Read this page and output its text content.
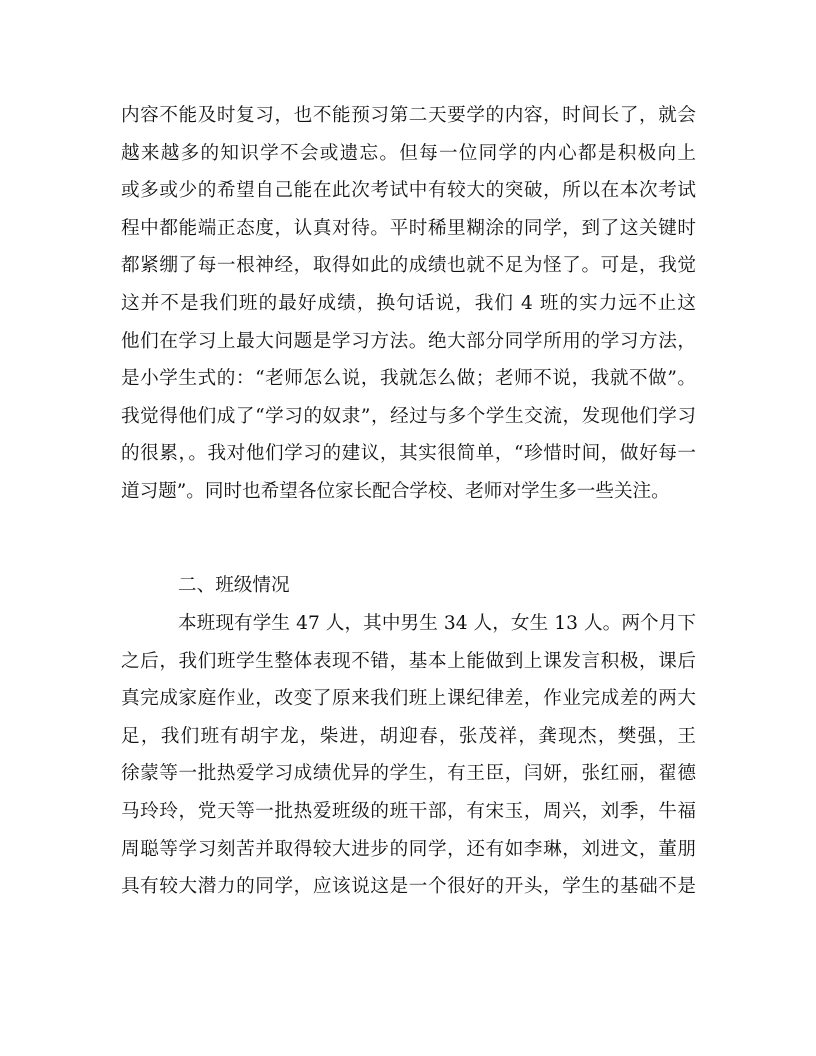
内容不能及时复习，也不能预习第二天要学的内容，时间长了，就会
越来越多的知识学不会或遗忘。但每一位同学的内心都是积极向上
或多或少的希望自己能在此次考试中有较大的突破，所以在本次考试
程中都能端正态度，认真对待。平时稀里糊涂的同学，到了这关键时
都紧绷了每一根神经，取得如此的成绩也就不足为怪了。可是，我觉
这并不是我们班的最好成绩，换句话说，我们 4 班的实力远不止这
他们在学习上最大问题是学习方法。绝大部分同学所用的学习方法，
是小学生式的：“老师怎么说，我就怎么做；老师不说，我就不做”。
我觉得他们成了“学习的奴隶”，经过与多个学生交流，发现他们学习
的很累，。我对他们学习的建议，其实很简单，“珍惜时间，做好每一
道习题”。同时也希望各位家长配合学校、老师对学生多一些关注。
二、班级情况
本班现有学生 47 人，其中男生 34 人，女生 13 人。两个月下
之后，我们班学生整体表现不错，基本上能做到上课发言积极，课后
真完成家庭作业，改变了原来我们班上课纪律差，作业完成差的两大
足，我们班有胡宇龙，柴进，胡迎春，张茂祥，龚现杰，樊强，王
徐蒙等一批热爱学习成绩优异的学生，有王臣，闫妍，张红丽，翟德
马玲玲，党天等一批热爱班级的班干部，有宋玉，周兴，刘季，牛福
周聪等学习刻苦并取得较大进步的同学，还有如李琳，刘进文，董朋
具有较大潜力的同学，应该说这是一个很好的开头，学生的基础不是
